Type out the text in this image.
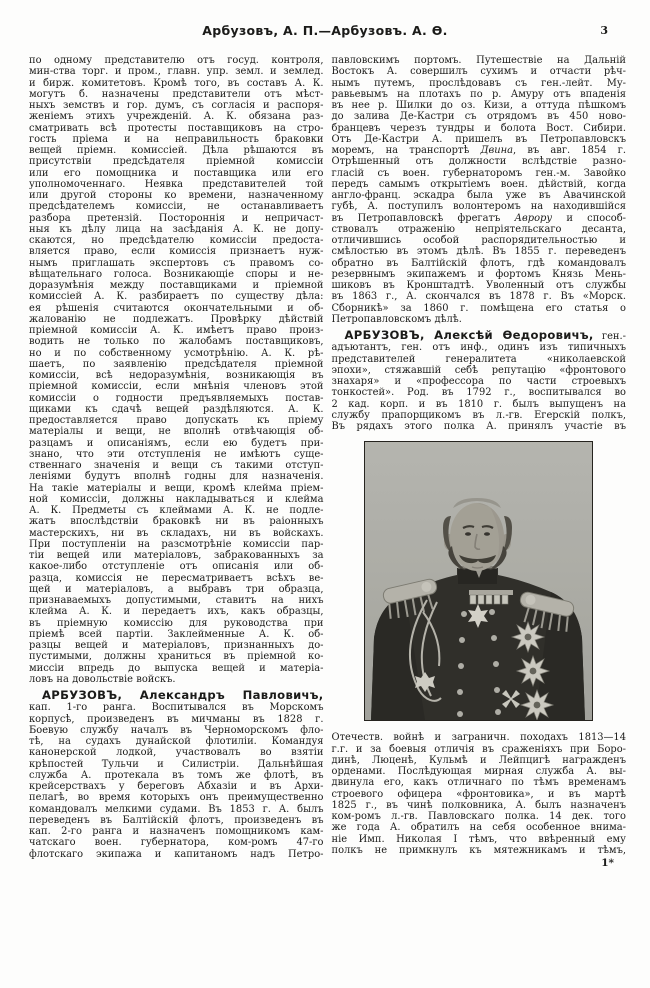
Арбузовъ, А. П.—Арбузовъ. А. Ѳ.	3
по одному представителю отъ госуд. контроля,
мин-ства торг. и пром., главн. упр. земл. и землед.
и бирж. комитетовъ. Кромѣ того, въ составъ А. К.
могутъ б. назначены представители отъ мѣст-
ныхъ земствъ и гор. думъ, съ согласія и распоря-
женіемъ этихъ учрежденій. А. К. обязана раз-
сматривать всѣ протесты поставщиковъ на стро-
гость пріема и на неправильность браковки
вещей пріемн. комиссіей. Дѣла рѣшаются въ
присутствіи предсѣдателя пріемной комиссіи
или его помощника и поставщика или его
уполномоченнаго. Неявка представителей той
или другой стороны ко времени, назначенному
предсѣдателемъ комиссіи, не останавливаетъ
разбора претензій. Постороннія и непричаст-
ныя къ дѣлу лица на засѣданія А. К. не допу-
скаются, но предсѣдателю комиссіи предоста-
вляется право, если комиссія признаетъ нуж-
нымъ приглашать экспертовъ съ правомъ со-
вѣщательнаго голоса. Возникающіе споры и не-
доразумѣнія между поставщиками и пріемной
комиссіей А. К. разбираетъ по существу дѣла:
ея рѣшенія считаются окончательными и об-
жалованію не подлежатъ. Провѣрку дѣйствій
пріемной комиссіи А. К. имѣетъ право произ-
водить не только по жалобамъ поставщиковъ,
но и по собственному усмотрѣнію. А. К. рѣ-
шаетъ, по заявленію предсѣдателя пріемной
комиссіи, всѣ недоразумѣнія, возникающія въ
пріемной комиссіи, если мнѣнія членовъ этой
комиссіи о годности предъявляемыхъ постав-
щиками къ сдачѣ вещей раздѣляются. А. К.
предоставляется право допускать къ пріему
матеріалы и вещи, не вполнѣ отвѣчающія об-
разцамъ и описаніямъ, если ею будетъ при-
знано, что эти отступленія не имѣютъ суще-
ственнаго значенія и вещи съ такими отступ-
леніями будутъ вполнѣ годны для назначенія.
На такіе матеріалы и вещи, кромѣ клейма пріем-
ной комиссіи, должны накладываться и клейма
А. К. Предметы съ клеймами А. К. не подле-
жатъ впослѣдствіи браковкѣ ни въ раіонныхъ
мастерскихъ, ни въ складахъ, ни въ войскахъ.
При поступленіи на разсмотрѣніе комиссіи пар-
тіи вещей или матеріаловъ, забракованныхъ за
какое-либо отступленіе отъ описанія или об-
разца, комиссія не пересматриваетъ всѣхъ ве-
щей и матеріаловъ, а выбравъ три образца,
признаваемыхъ допустимыми, ставитъ на нихъ
клейма А. К. и передаетъ ихъ, какъ образцы,
въ пріемную комиссію для руководства при
пріемѣ всей партіи. Заклейменные А. К. об-
разцы вещей и матеріаловъ, признанныхъ до-
пустимыми, должны храниться въ пріемной ко-
миссіи впредь до выпуска вещей и матеріа-
ловъ на довольствіе войскъ.
АРБУЗОВЪ, Александръ Павловичъ,
кап. 1-го ранга. Воспитывался въ Морскомъ
корпусѣ, произведенъ въ мичманы въ 1828 г.
Боевую службу началъ въ Черноморскомъ фло-
тѣ, на судахъ дунайской флотиліи. Командуя
канонерской лодкой, участвовалъ во взятіи
крѣпостей Тульчи и Силистріи. Дальнѣйшая
служба А. протекала въ томъ же флотѣ, въ
крейсерствахъ у береговъ Абхазіи и въ Архи-
пелагѣ, во время которыхъ онъ преимущественно
командовалъ мелкими судами. Въ 1853 г. А. былъ
переведенъ въ Балтійскій флотъ, произведенъ въ
кап. 2-го ранга и назначенъ помощникомъ кам-
чатскаго воен. губернатора, ком-ромъ 47-го
флотскаго экипажа и капитаномъ надъ Петро-
павловскимъ портомъ. Путешествіе на Дальній
Востокъ А. совершилъ сухимъ и отчасти рѣч-
нымъ путемъ, прослѣдовавъ съ ген.-лейт. Му-
равьевымъ на плотахъ по р. Амуру отъ впаденія
въ нее р. Шилки до оз. Кизи, а оттуда пѣшкомъ
до залива Де-Кастри съ отрядомъ въ 450 ново-
бранцевъ черезъ тундры и болота Вост. Сибири.
Отъ Де-Кастри А. пришелъ въ Петропавловскъ
моремъ, на транспортѣ Двина, въ авг. 1854 г.
Отрѣшенный отъ должности вслѣдствіе разно-
гласій съ воен. губернаторомъ ген.-м. Завойко
передъ самымъ открытіемъ воен. дѣйствій, когда
англо-франц. эскадра была уже въ Авачинской
губѣ, А. поступилъ волонтеромъ на находившійся
въ Петропавловскѣ фрегатъ Аврору и способ-
ствовалъ отраженію непріятельскаго десанта,
отличившись особой распорядительностью и
смѣлостью въ этомъ дѣлѣ. Въ 1855 г. переведенъ
обратно въ Балтійскій флотъ, гдѣ командовалъ
резервнымъ экипажемъ и фортомъ Князь Мень-
шиковъ въ Кронштадтѣ. Уволенный отъ службы
въ 1863 г., А. скончался въ 1878 г. Въ «Морск.
Сборникѣ» за 1860 г. помѣщена его статья о
Петропавловскомъ дѣлѣ.
АРБУЗОВЪ, Алексѣй Ѳедоровичъ, ген.-
адъютантъ, ген. отъ инф., одинъ изъ типичныхъ
представителей генералитета «николаевской
эпохи», стяжавшій себѣ репутацію «фронтового
знахаря» и «профессора по части строевыхъ
тонкостей». Род. въ 1792 г., воспитывался во
2 кад. корп. и въ 1810 г. былъ выпущенъ на
службу прапорщикомъ въ л.-гв. Егерскій полкъ,
Въ рядахъ этого полка А. принялъ участіе въ
Отечеств. войнѣ и заграничн. походахъ 1813—14
г.г. и за боевыя отличія въ сраженіяхъ при Боро-
динѣ, Люценѣ, Кульмѣ и Лейпцигѣ награжденъ
орденами. Послѣдующая мирная служба А. вы-
двинула его, какъ отличнаго по тѣмъ временамъ
строевого офицера «фронтовика», и въ мартѣ
1825 г., въ чинѣ полковника, А. былъ назначенъ
ком-ромъ л.-гв. Павловскаго полка. 14 дек. того
же года А. обратилъ на себя особенное внима-
ніе Имп. Николая I тѣмъ, что ввѣренный ему
полкъ не примкнулъ къ мятежникамъ и тѣмъ,
1*
